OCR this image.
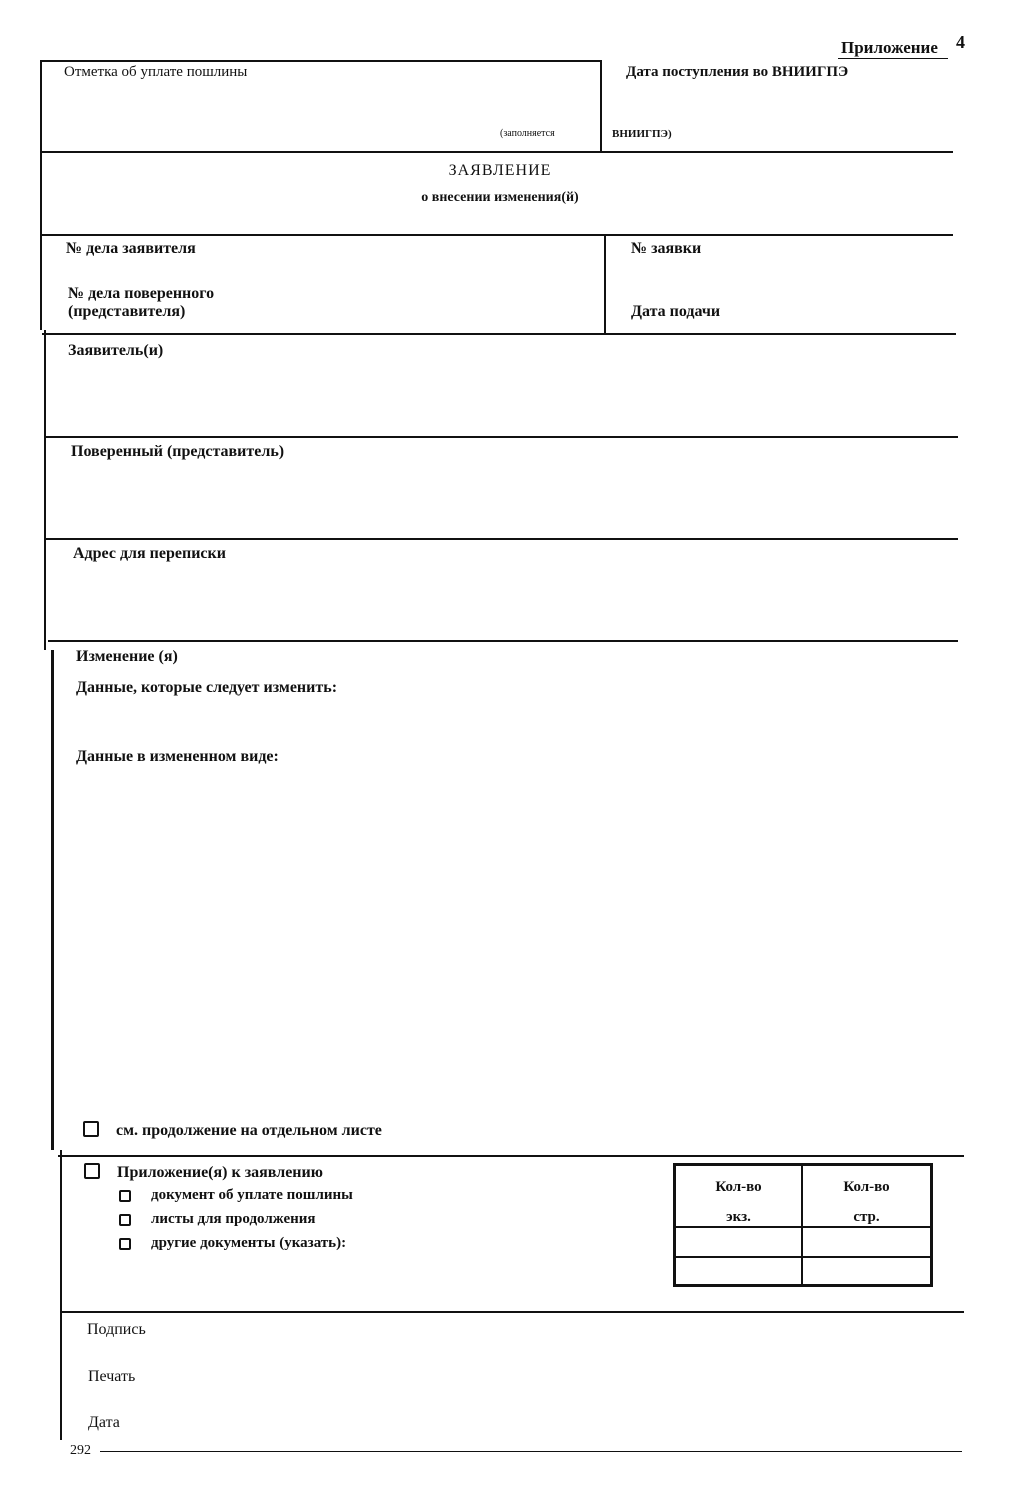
Приложение 4
Отметка об уплате пошлины	Дата поступления во ВНИИГПЭ
(заполняется	ВНИИГПЭ)
ЗАЯВЛЕНИЕ
о внесении изменения(й)
№ дела заявителя
№ дела поверенного
(представителя)
№ заявки
Дата подачи
Заявитель(и)
Поверенный (представитель)
Адрес для переписки
Изменение (я)
Данные, которые следует изменить:
Данные в измененном виде:
см. продолжение на отдельном листе
Приложение(я) к заявлению
документ об уплате пошлины
листы для продолжения
другие документы (указать):
Кол-во
экз.
Кол-во
стр.
Подпись
Печать
Дата
292
